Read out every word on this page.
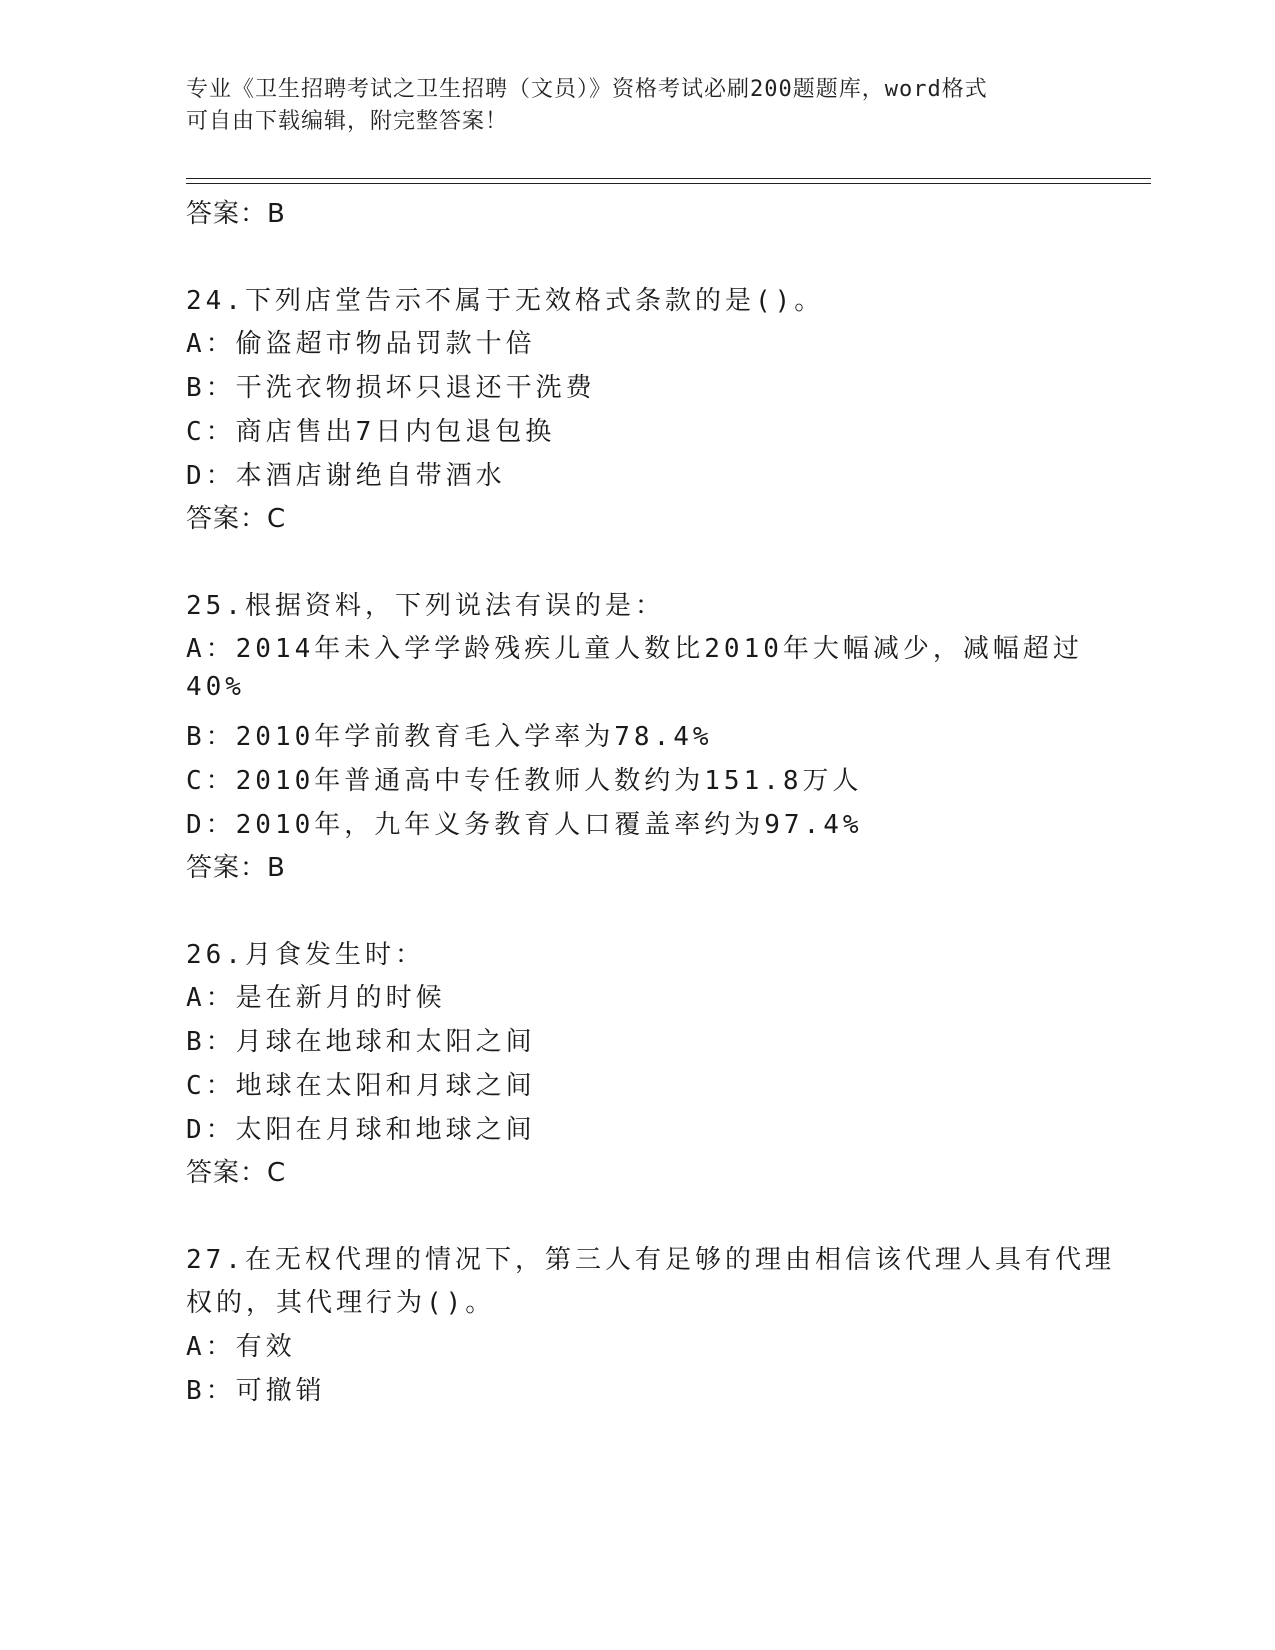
专业《卫生招聘考试之卫生招聘（文员）》资格考试必刷200题题库，word格式
可自由下载编辑，附完整答案！
答案：B
24.下列店堂告示不属于无效格式条款的是()。
A：偷盗超市物品罚款十倍
B：干洗衣物损坏只退还干洗费
C：商店售出7日内包退包换
D：本酒店谢绝自带酒水
答案：C
25.根据资料，下列说法有误的是：
A：2014年未入学学龄残疾儿童人数比2010年大幅减少，减幅超过
40%
B：2010年学前教育毛入学率为78.4%
C：2010年普通高中专任教师人数约为151.8万人
D：2010年，九年义务教育人口覆盖率约为97.4%
答案：B
26.月食发生时：
A：是在新月的时候
B：月球在地球和太阳之间
C：地球在太阳和月球之间
D：太阳在月球和地球之间
答案：C
27.在无权代理的情况下，第三人有足够的理由相信该代理人具有代理
权的，其代理行为()。
A：有效
B：可撤销
